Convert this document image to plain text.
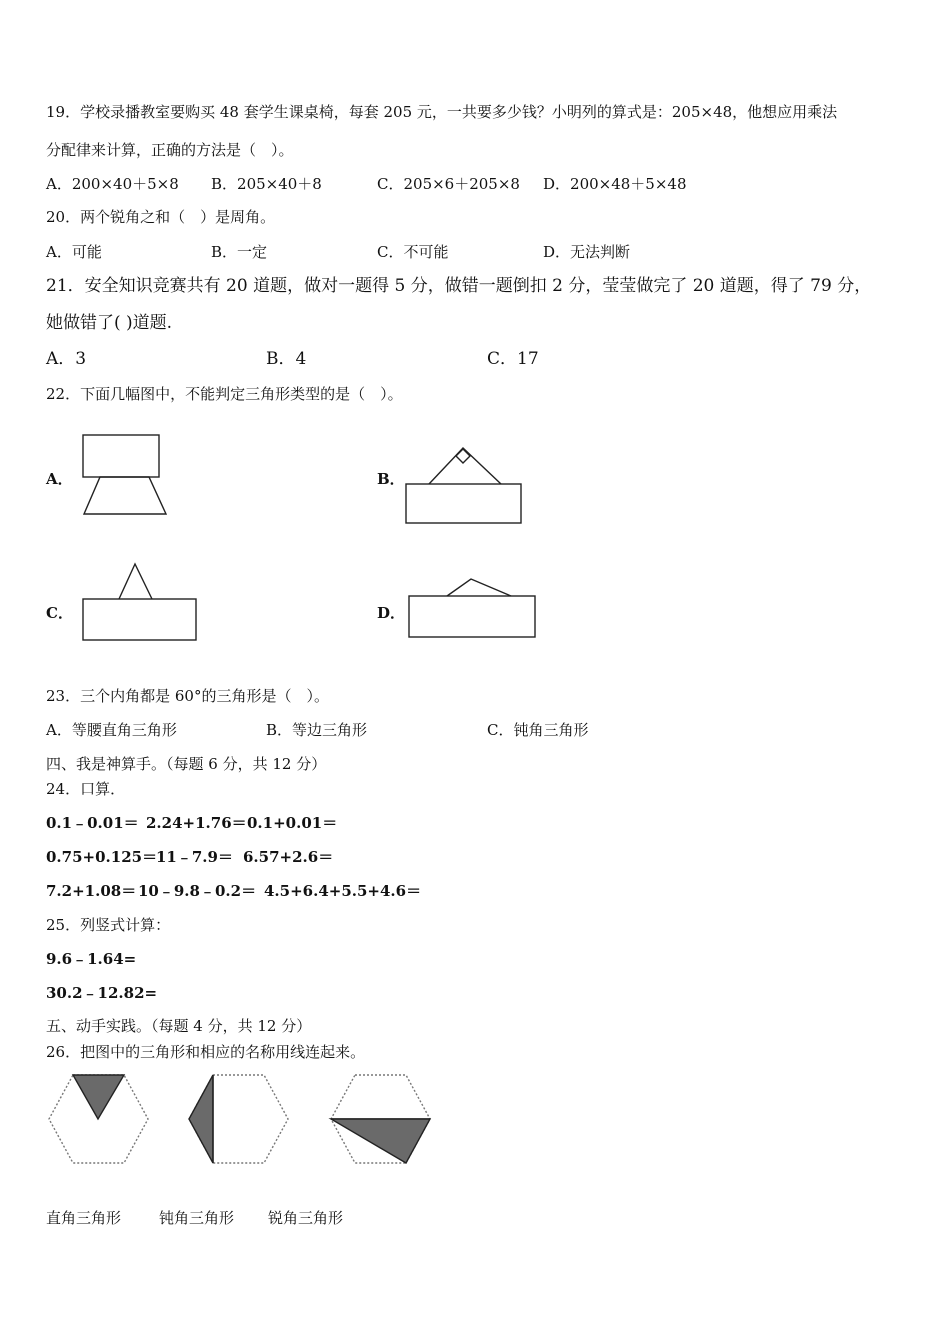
19．学校录播教室要购买 48 套学生课桌椅，每套 205 元，一共要多少钱？小明列的算式是：205×48，他想应用乘法
分配律来计算，正确的方法是（　）。
A．200×40＋5×8 B．205×40＋8	C．205×6＋205×8 D．200×48＋5×48
20．两个锐角之和（　）是周角。
A．可能	B．一定	C．不可能	D．无法判断
21．安全知识竞赛共有 20 道题，做对一题得 5 分，做错一题倒扣 2 分，莹莹做完了 20 道题，得了 79 分，
她做错了( )道题.
A．3	B．4	C．17
22．下面几幅图中，不能判定三角形类型的是（　）。
A．	B．
C．	D．
23．三个内角都是 60°的三角形是（　）。
A．等腰直角三角形	B．等边三角形	C．钝角三角形
四、我是神算手。（每题 6 分，共 12 分）
24．口算．
0.1﹣0.01＝ 2.24+1.76＝ 0.1+0.01＝
0.75+0.125＝
11﹣7.9＝ 6.57+2.6＝
7.2+1.08＝ 10﹣9.8﹣0.2＝ 4.5+6.4+5.5+4.6＝
25．列竖式计算：
9.6﹣1.64=
30.2﹣12.82=
五、动手实践。（每题 4 分，共 12 分）
26．把图中的三角形和相应的名称用线连起来。
直角三角形	钝角三角形 锐角三角形
